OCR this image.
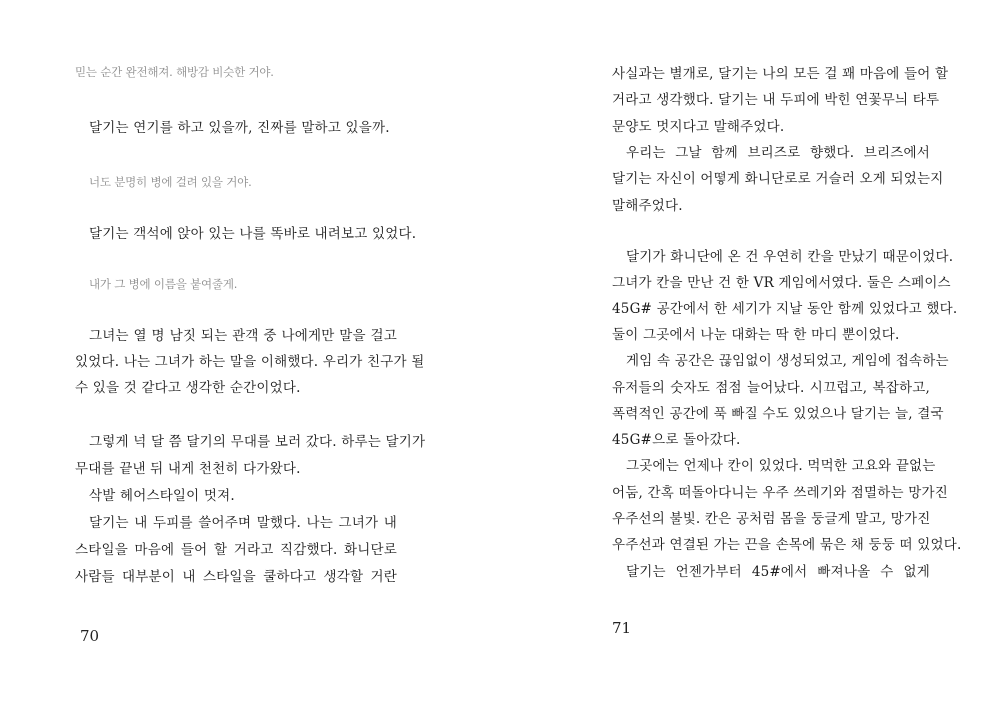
믿는 순간 완전해져. 해방감 비슷한 거야.
달기는 연기를 하고 있을까, 진짜를 말하고 있을까.
너도 분명히 병에 걸려 있을 거야.
달기는 객석에 앉아 있는 나를 똑바로 내려보고 있었다.
내가 그 병에 이름을 붙여줄게.
그녀는 열 명 남짓 되는 관객 중 나에게만 말을 걸고
있었다. 나는 그녀가 하는 말을 이해했다. 우리가 친구가 될
수 있을 것 같다고 생각한 순간이었다.
그렇게 넉 달 쯤 달기의 무대를 보러 갔다. 하루는 달기가
무대를 끝낸 뒤 내게 천천히 다가왔다.
삭발 헤어스타일이 멋져.
달기는 내 두피를 쓸어주며 말했다. 나는 그녀가 내
스타일을 마음에 들어 할 거라고 직감했다. 화니단로
사람들 대부분이 내 스타일을 쿨하다고 생각할 거란
70
사실과는 별개로, 달기는 나의 모든 걸 꽤 마음에 들어 할
거라고 생각했다. 달기는 내 두피에 박힌 연꽃무늬 타투
문양도 멋지다고 말해주었다.
우리는 그날 함께 브리즈로 향했다. 브리즈에서
달기는 자신이 어떻게 화니단로로 거슬러 오게 되었는지
말해주었다.
달기가 화니단에 온 건 우연히 칸을 만났기 때문이었다.
그녀가 칸을 만난 건 한 VR 게임에서였다. 둘은 스페이스
45G# 공간에서 한 세기가 지날 동안 함께 있었다고 했다.
둘이 그곳에서 나눈 대화는 딱 한 마디 뿐이었다.
게임 속 공간은 끊임없이 생성되었고, 게임에 접속하는
유저들의 숫자도 점점 늘어났다. 시끄럽고, 복잡하고,
폭력적인 공간에 푹 빠질 수도 있었으나 달기는 늘, 결국
45G#으로 돌아갔다.
그곳에는 언제나 칸이 있었다. 먹먹한 고요와 끝없는
어둠, 간혹 떠돌아다니는 우주 쓰레기와 점멸하는 망가진
우주선의 불빛. 칸은 공처럼 몸을 둥글게 말고, 망가진
우주선과 연결된 가는 끈을 손목에 묶은 채 둥둥 떠 있었다.
달기는 언젠가부터 45#에서 빠져나올 수 없게
71
